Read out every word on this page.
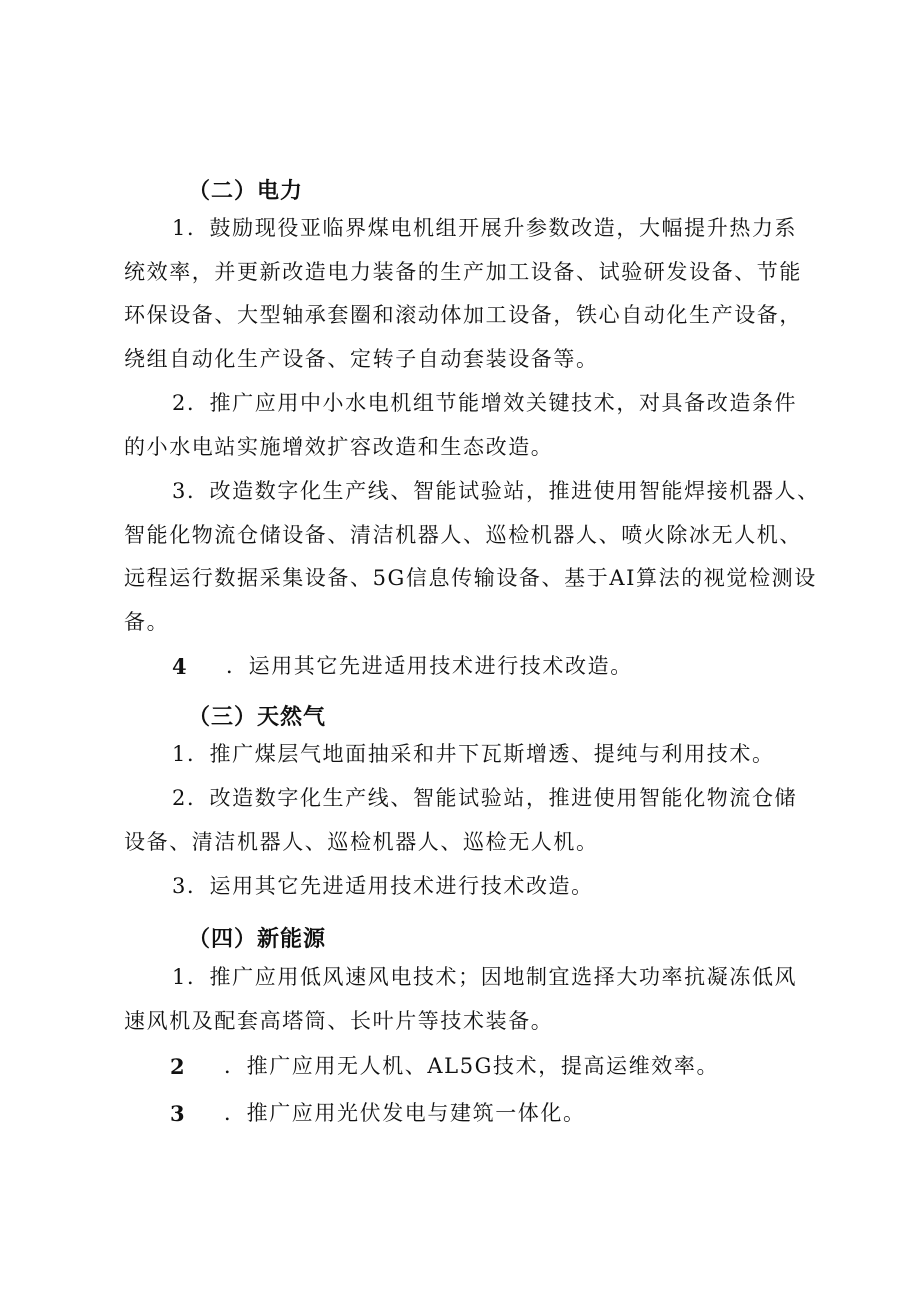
（二）电力
1．鼓励现役亚临界煤电机组开展升参数改造，大幅提升热力系
统效率，并更新改造电力装备的生产加工设备、试验研发设备、节能
环保设备、大型轴承套圈和滚动体加工设备，铁心自动化生产设备，
绕组自动化生产设备、定转子自动套装设备等。
2．推广应用中小水电机组节能增效关键技术，对具备改造条件
的小水电站实施增效扩容改造和生态改造。
3．改造数字化生产线、智能试验站，推进使用智能焊接机器人、
智能化物流仓储设备、清洁机器人、巡检机器人、喷火除冰无人机、
远程运行数据采集设备、5G信息传输设备、基于AI算法的视觉检测设
备。
4 ．运用其它先进适用技术进行技术改造。
（三）天然气
1．推广煤层气地面抽采和井下瓦斯增透、提纯与利用技术。
2．改造数字化生产线、智能试验站，推进使用智能化物流仓储
设备、清洁机器人、巡检机器人、巡检无人机。
3．运用其它先进适用技术进行技术改造。
（四）新能源
1．推广应用低风速风电技术；因地制宜选择大功率抗凝冻低风
速风机及配套高塔筒、长叶片等技术装备。
2 ．推广应用无人机、AL5G技术，提高运维效率。
3 ．推广应用光伏发电与建筑一体化。
